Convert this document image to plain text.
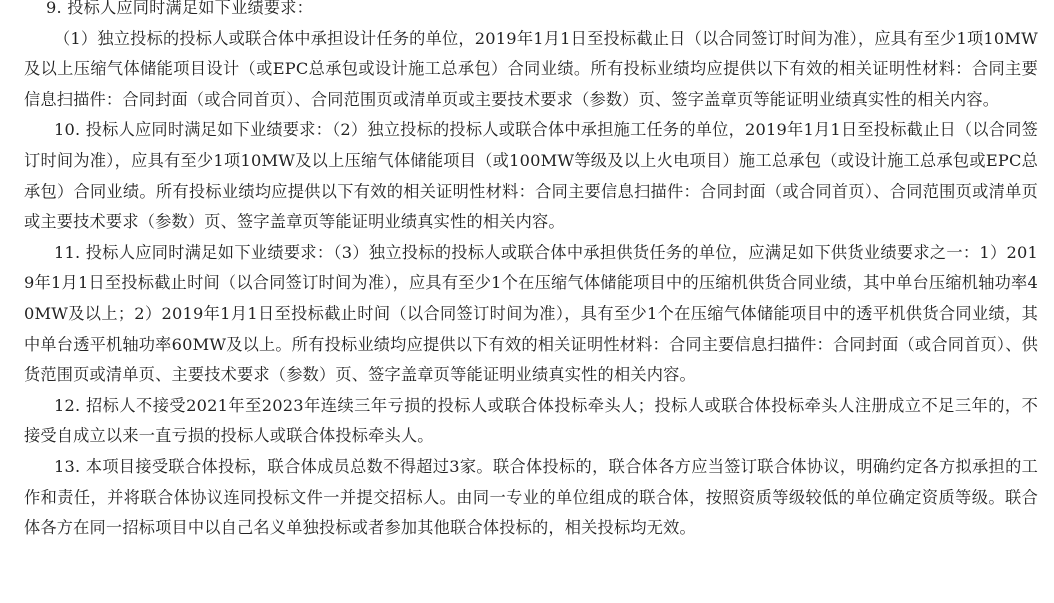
9. 投标人应同时满足如下业绩要求：

（1）独立投标的投标人或联合体中承担设计任务的单位，2019年1月1日至投标截止日（以合同签订时间为准），应具有至少1项10MW及以上压缩气体储能项目设计（或EPC总承包或设计施工总承包）合同业绩。所有投标业绩均应提供以下有效的相关证明性材料：合同主要信息扫描件：合同封面（或合同首页）、合同范围页或清单页或主要技术要求（参数）页、签字盖章页等能证明业绩真实性的相关内容。

10. 投标人应同时满足如下业绩要求：（2）独立投标的投标人或联合体中承担施工任务的单位，2019年1月1日至投标截止日（以合同签订时间为准），应具有至少1项10MW及以上压缩气体储能项目（或100MW等级及以上火电项目）施工总承包（或设计施工总承包或EPC总承包）合同业绩。所有投标业绩均应提供以下有效的相关证明性材料：合同主要信息扫描件：合同封面（或合同首页）、合同范围页或清单页或主要技术要求（参数）页、签字盖章页等能证明业绩真实性的相关内容。

11. 投标人应同时满足如下业绩要求：（3）独立投标的投标人或联合体中承担供货任务的单位，应满足如下供货业绩要求之一：1）2019年1月1日至投标截止时间（以合同签订时间为准），应具有至少1个在压缩气体储能项目中的压缩机供货合同业绩，其中单台压缩机轴功率40MW及以上；2）2019年1月1日至投标截止时间（以合同签订时间为准），具有至少1个在压缩气体储能项目中的透平机供货合同业绩，其中单台透平机轴功率60MW及以上。所有投标业绩均应提供以下有效的相关证明性材料：合同主要信息扫描件：合同封面（或合同首页）、供货范围页或清单页、主要技术要求（参数）页、签字盖章页等能证明业绩真实性的相关内容。

12. 招标人不接受2021年至2023年连续三年亏损的投标人或联合体投标牵头人；投标人或联合体投标牵头人注册成立不足三年的，不接受自成立以来一直亏损的投标人或联合体投标牵头人。

13. 本项目接受联合体投标，联合体成员总数不得超过3家。联合体投标的，联合体各方应当签订联合体协议，明确约定各方拟承担的工作和责任，并将联合体协议连同投标文件一并提交招标人。由同一专业的单位组成的联合体，按照资质等级较低的单位确定资质等级。联合体各方在同一招标项目中以自己名义单独投标或者参加其他联合体投标的，相关投标均无效。
